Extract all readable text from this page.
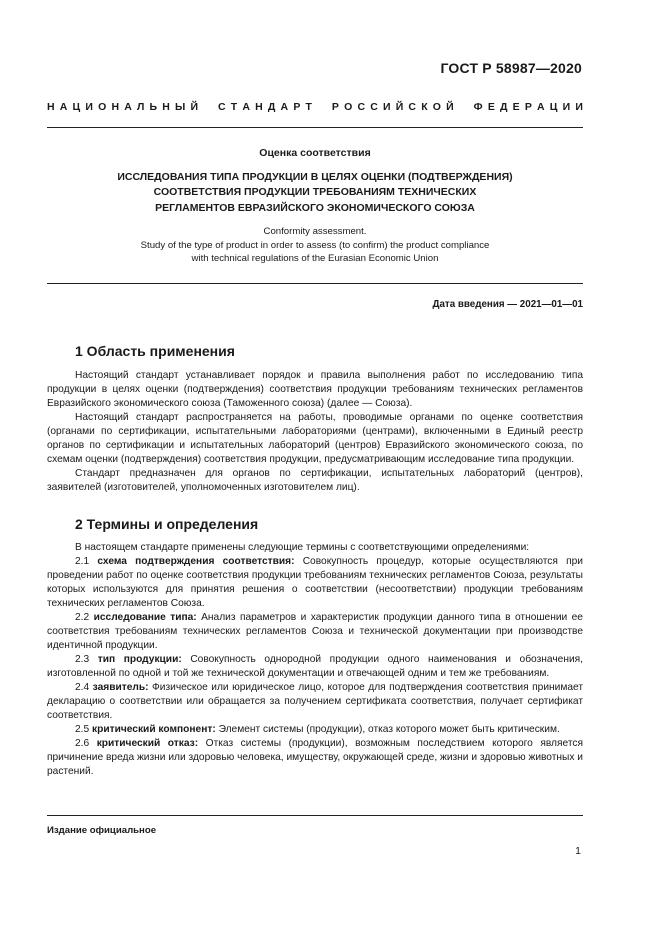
ГОСТ Р 58987—2020
Н А Ц И О Н А Л Ь Н Ы Й С Т А Н Д А Р Т Р О С С И Й С К О Й Ф Е Д Е Р А Ц И И
Оценка соответствия
ИССЛЕДОВАНИЯ ТИПА ПРОДУКЦИИ В ЦЕЛЯХ ОЦЕНКИ (ПОДТВЕРЖДЕНИЯ)
СООТВЕТСТВИЯ ПРОДУКЦИИ ТРЕБОВАНИЯМ ТЕХНИЧЕСКИХ
РЕГЛАМЕНТОВ ЕВРАЗИЙСКОГО ЭКОНОМИЧЕСКОГО СОЮЗА
Conformity assessment.
Study of the type of product in order to assess (to confirm) the product compliance
with technical regulations of the Eurasian Economic Union
Дата введения — 2021—01—01
1 Область применения

Настоящий стандарт устанавливает порядок и правила выполнения работ по исследованию типа продукции в целях оценки (подтверждения) соответствия продукции требованиям технических регламентов Евразийского экономического союза (Таможенного союза) (далее — Союза).

Настоящий стандарт распространяется на работы, проводимые органами по оценке соответствия (органами по сертификации, испытательными лабораториями (центрами), включенными в Единый реестр органов по сертификации и испытательных лабораторий (центров) Евразийского экономического союза, по схемам оценки (подтверждения) соответствия продукции, предусматривающим исследование типа продукции.

Стандарт предназначен для органов по сертификации, испытательных лабораторий (центров), заявителей (изготовителей, уполномоченных изготовителем лиц).

2 Термины и определения

В настоящем стандарте применены следующие термины с соответствующими определениями:

2.1 схема подтверждения соответствия: Совокупность процедур, которые осуществляются при проведении работ по оценке соответствия продукции требованиям технических регламентов Союза, результаты которых используются для принятия решения о соответствии (несоответствии) продукции требованиям технических регламентов Союза.

2.2 исследование типа: Анализ параметров и характеристик продукции данного типа в отношении ее соответствия требованиям технических регламентов Союза и технической документации при производстве идентичной продукции.

2.3 тип продукции: Совокупность однородной продукции одного наименования и обозначения, изготовленной по одной и той же технической документации и отвечающей одним и тем же требованиям.

2.4 заявитель: Физическое или юридическое лицо, которое для подтверждения соответствия принимает декларацию о соответствии или обращается за получением сертификата соответствия, получает сертификат соответствия.

2.5 критический компонент: Элемент системы (продукции), отказ которого может быть критическим.

2.6 критический отказ: Отказ системы (продукции), возможным последствием которого является причинение вреда жизни или здоровью человека, имуществу, окружающей среде, жизни и здоровью животных и растений.

Издание официальное
1
